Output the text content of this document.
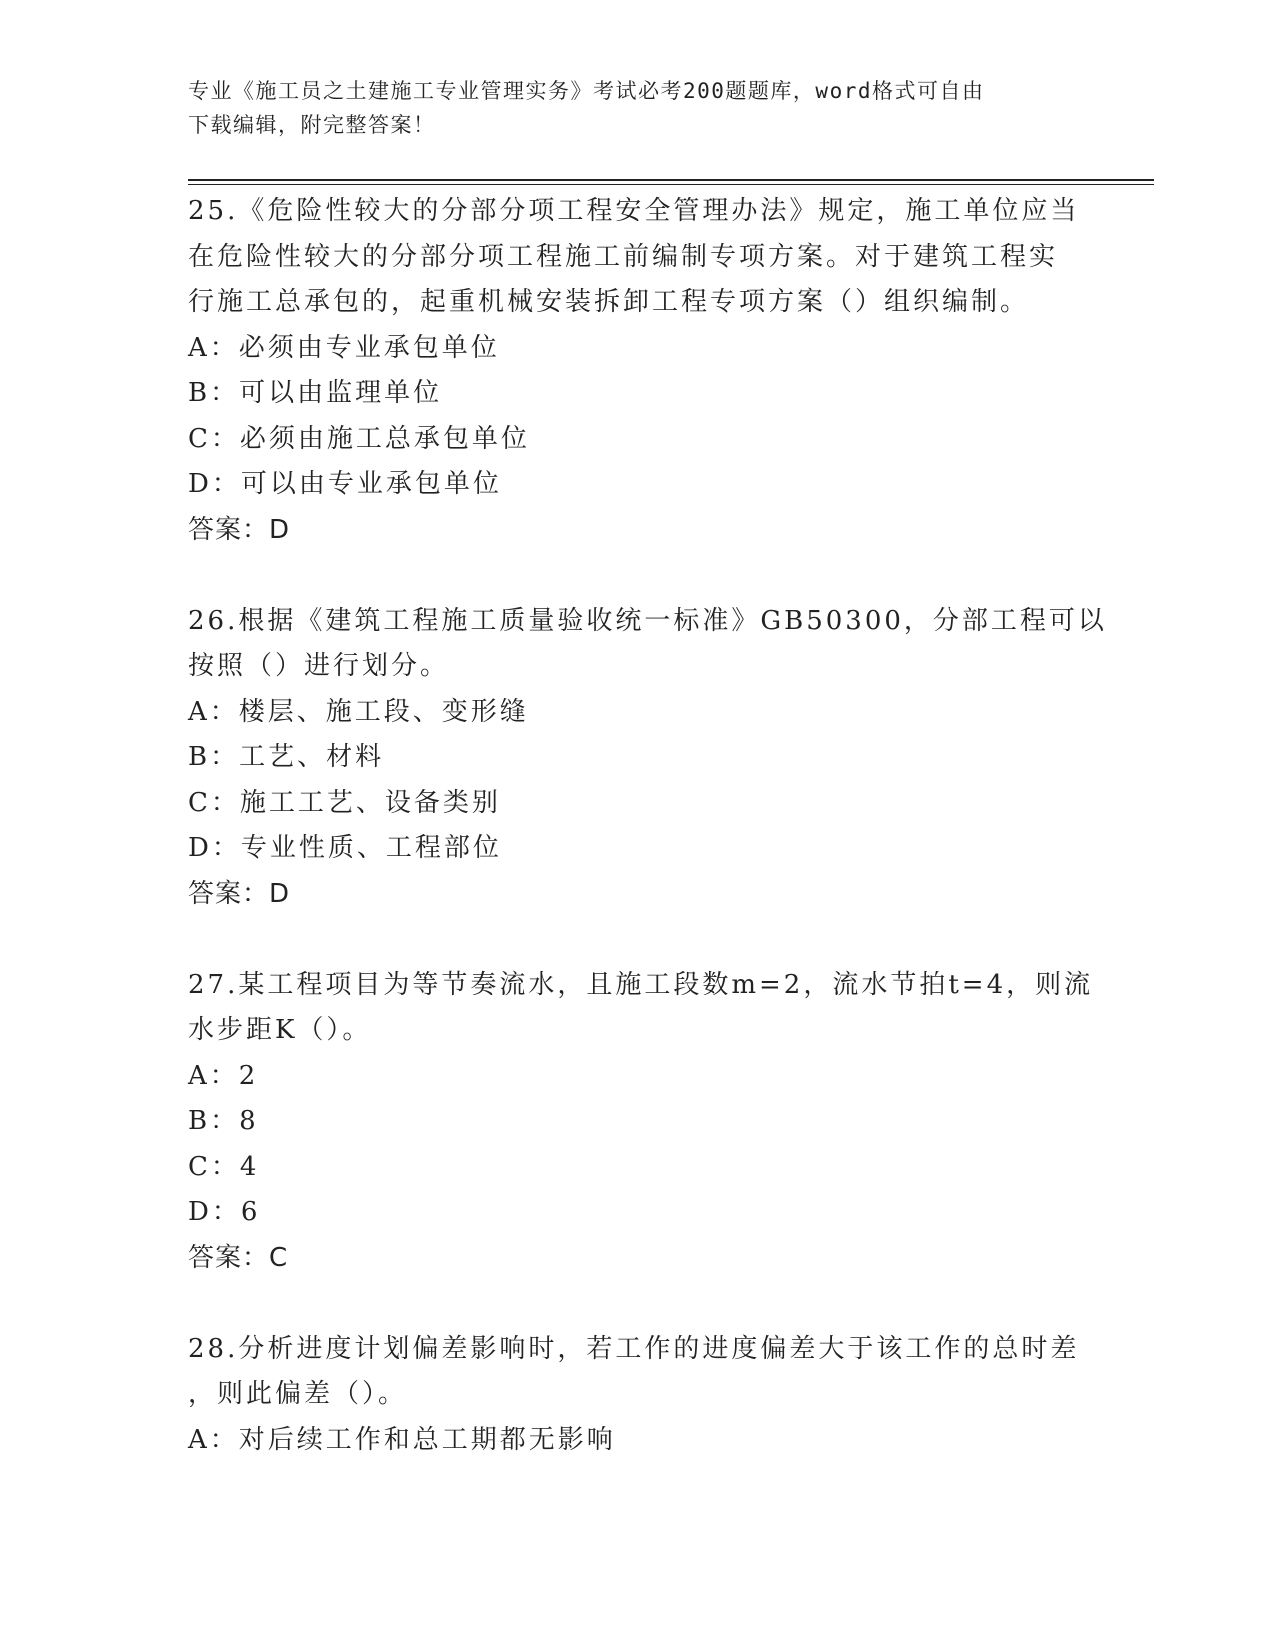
专业《施工员之土建施工专业管理实务》考试必考200题题库，word格式可自由
下载编辑，附完整答案！
25.《危险性较大的分部分项工程安全管理办法》规定，施工单位应当
在危险性较大的分部分项工程施工前编制专项方案。对于建筑工程实
行施工总承包的，起重机械安装拆卸工程专项方案（）组织编制。
A：必须由专业承包单位
B：可以由监理单位
C：必须由施工总承包单位
D：可以由专业承包单位
答案：D
26.根据《建筑工程施工质量验收统一标准》GB50300，分部工程可以
按照（）进行划分。
A：楼层、施工段、变形缝
B：工艺、材料
C：施工工艺、设备类别
D：专业性质、工程部位
答案：D
27.某工程项目为等节奏流水，且施工段数m=2，流水节拍t=4，则流
水步距K（）。
A：2
B：8
C：4
D：6
答案：C
28.分析进度计划偏差影响时，若工作的进度偏差大于该工作的总时差
，则此偏差（）。
A：对后续工作和总工期都无影响
